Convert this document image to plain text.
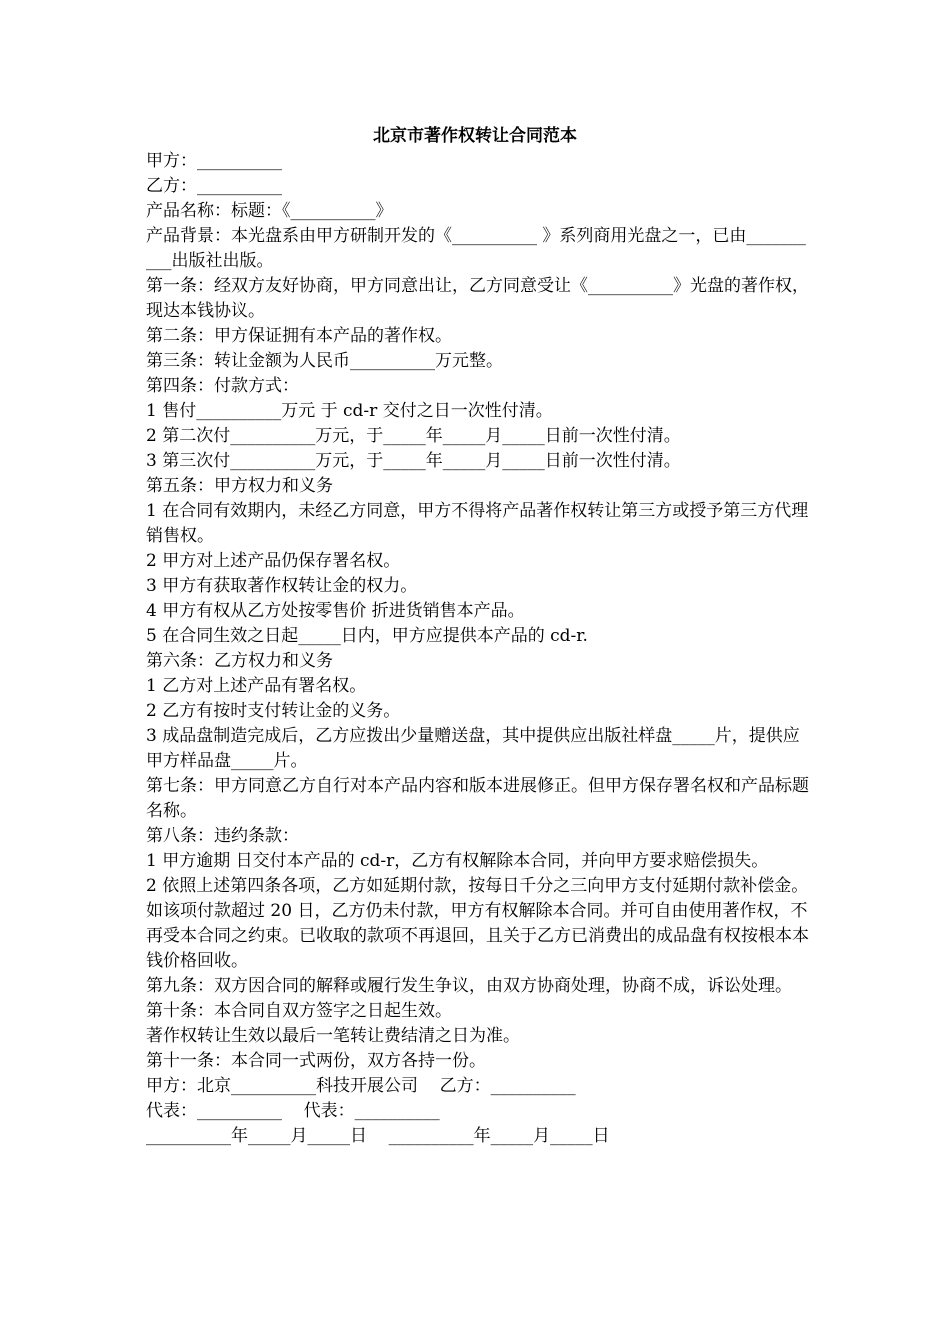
北京市著作权转让合同范本

甲方：__________

乙方：__________

产品名称：标题：《__________》

产品背景：本光盘系由甲方研制开发的《__________ 》系列商用光盘之一，已由__________出版社出版。

第一条：经双方友好协商，甲方同意出让，乙方同意受让《__________》光盘的著作权，现达本钱协议。

第二条：甲方保证拥有本产品的著作权。

第三条：转让金额为人民币__________万元整。

第四条：付款方式：

1 售付__________万元 于 cd-r 交付之日一次性付清。

2 第二次付__________万元，于_____年_____月_____日前一次性付清。

3 第三次付__________万元，于_____年_____月_____日前一次性付清。

第五条：甲方权力和义务

1 在合同有效期内，未经乙方同意，甲方不得将产品著作权转让第三方或授予第三方代理销售权。

2 甲方对上述产品仍保存署名权。

3 甲方有获取著作权转让金的权力。

4 甲方有权从乙方处按零售价 折进货销售本产品。

5 在合同生效之日起_____日内，甲方应提供本产品的 cd-r.

第六条：乙方权力和义务

1 乙方对上述产品有署名权。

2 乙方有按时支付转让金的义务。

3 成品盘制造完成后，乙方应拨出少量赠送盘，其中提供应出版社样盘_____片，提供应甲方样品盘_____片。

第七条：甲方同意乙方自行对本产品内容和版本进展修正。但甲方保存署名权和产品标题名称。

第八条：违约条款：

1 甲方逾期 日交付本产品的 cd-r，乙方有权解除本合同，并向甲方要求赔偿损失。

2 依照上述第四条各项，乙方如延期付款，按每日千分之三向甲方支付延期付款补偿金。如该项付款超过 20 日，乙方仍未付款，甲方有权解除本合同。并可自由使用著作权，不再受本合同之约束。已收取的款项不再退回，且关于乙方已消费出的成品盘有权按根本本钱价格回收。

第九条：双方因合同的解释或履行发生争议，由双方协商处理，协商不成，诉讼处理。

第十条：本合同自双方签字之日起生效。

著作权转让生效以最后一笔转让费结清之日为准。

第十一条：本合同一式两份，双方各持一份。

甲方：北京__________科技开展公司    乙方：__________

代表：__________    代表：__________

__________年_____月_____日    __________年_____月_____日
